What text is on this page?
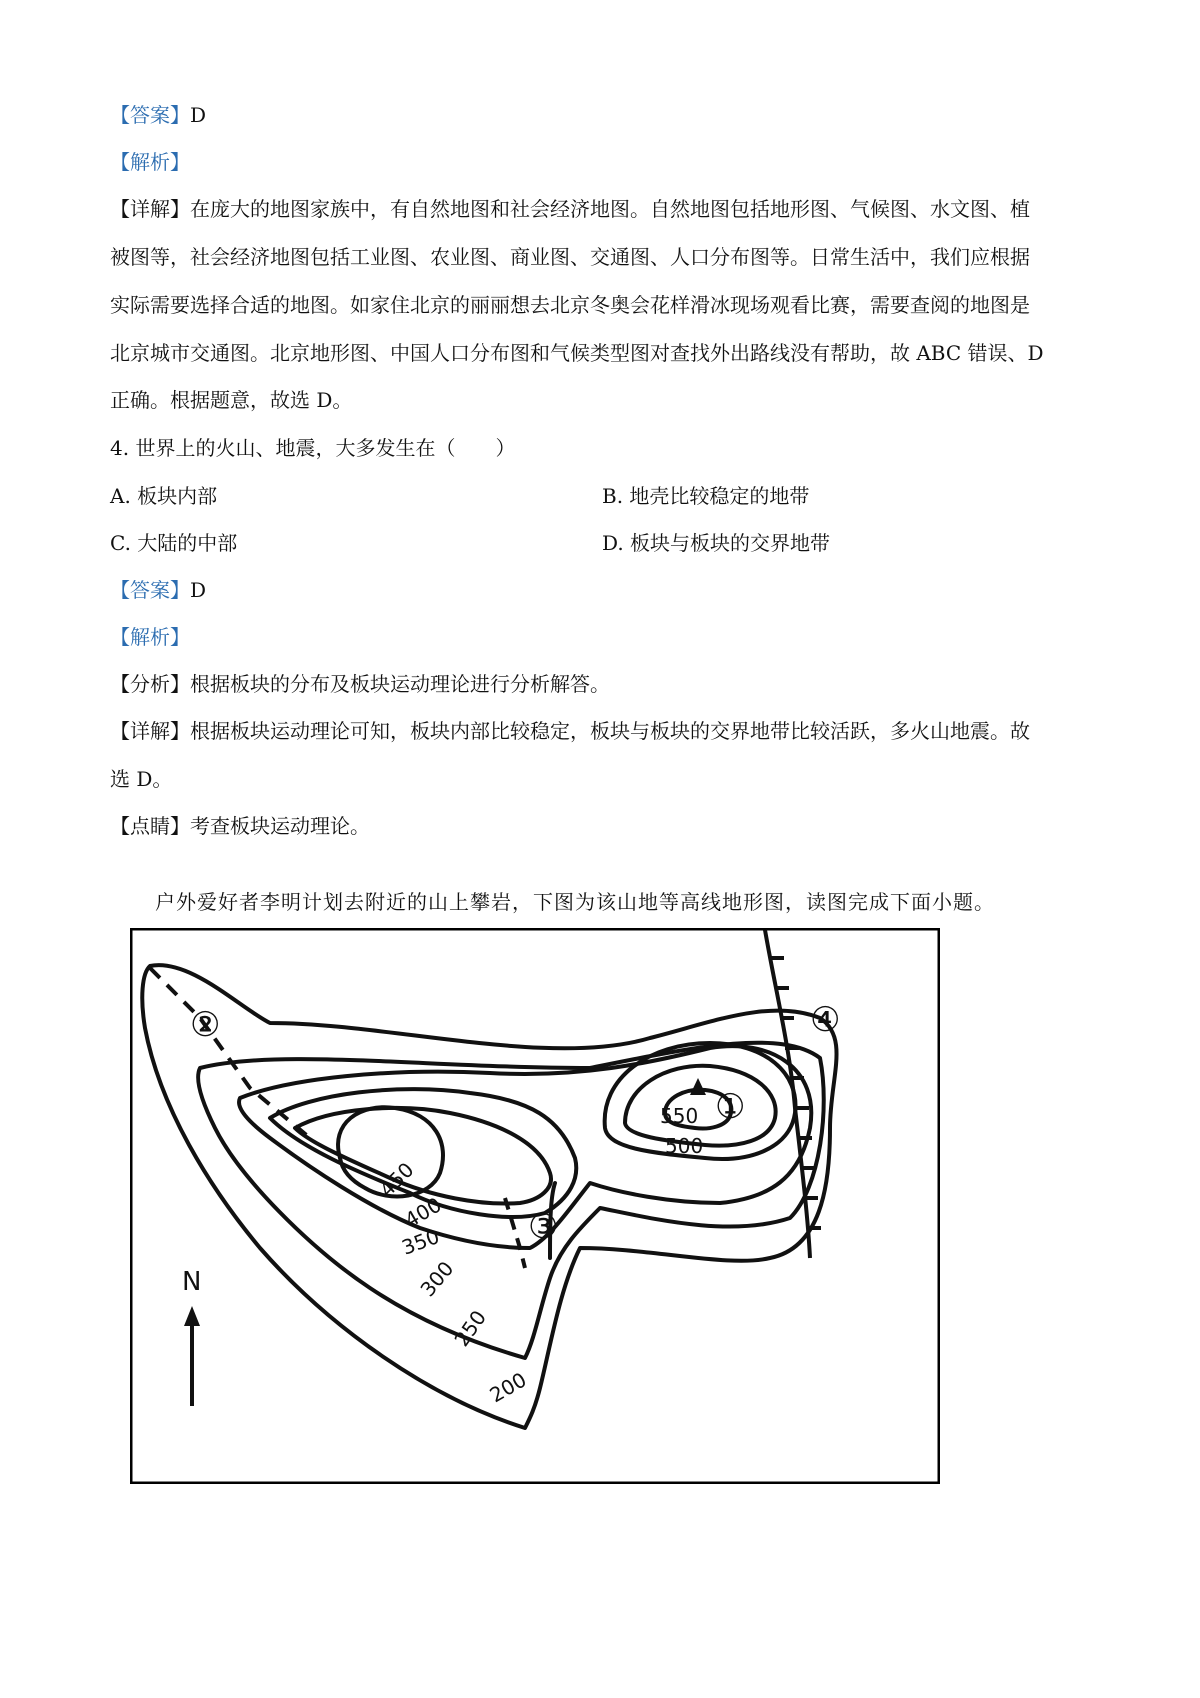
【答案】D
【解析】
【详解】在庞大的地图家族中，有自然地图和社会经济地图。自然地图包括地形图、气候图、水文图、植
被图等，社会经济地图包括工业图、农业图、商业图、交通图、人口分布图等。日常生活中，我们应根据
实际需要选择合适的地图。如家住北京的丽丽想去北京冬奥会花样滑冰现场观看比赛，需要查阅的地图是
北京城市交通图。北京地形图、中国人口分布图和气候类型图对查找外出路线没有帮助，故 ABC 错误、D
正确。根据题意，故选 D。
4. 世界上的火山、地震，大多发生在（　　）
A. 板块内部	B. 地壳比较稳定的地带
C. 大陆的中部	D. 板块与板块的交界地带
【答案】D
【解析】
【分析】根据板块的分布及板块运动理论进行分析解答。
【详解】根据板块运动理论可知，板块内部比较稳定，板块与板块的交界地带比较活跃，多火山地震。故
选 D。
【点睛】考查板块运动理论。
户外爱好者李明计划去附近的山上攀岩，下图为该山地等高线地形图，读图完成下面小题。
550
500
450
400
350
300
250
200
①
②
③
④
N
